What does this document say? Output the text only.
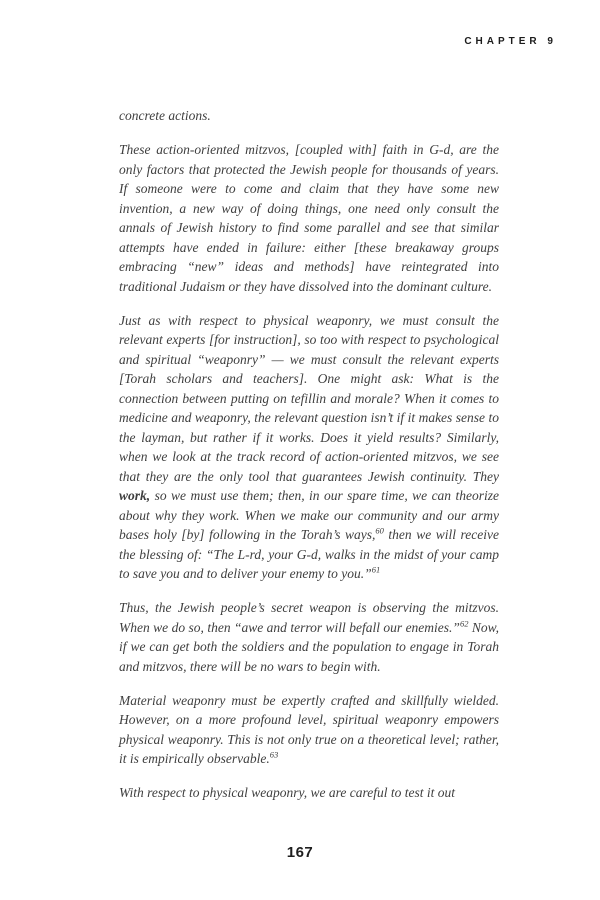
CHAPTER 9

concrete actions.

These action-oriented mitzvos, [coupled with] faith in G-d, are the only factors that protected the Jewish people for thousands of years. If someone were to come and claim that they have some new invention, a new way of doing things, one need only consult the annals of Jewish history to find some parallel and see that similar attempts have ended in failure: either [these breakaway groups embracing “new” ideas and methods] have reintegrated into traditional Judaism or they have dissolved into the dominant culture.

Just as with respect to physical weaponry, we must consult the relevant experts [for instruction], so too with respect to psychological and spiritual “weaponry” — we must consult the relevant experts [Torah scholars and teachers]. One might ask: What is the connection between putting on tefillin and morale? When it comes to medicine and weaponry, the relevant question isn’t if it makes sense to the layman, but rather if it works. Does it yield results? Similarly, when we look at the track record of action-oriented mitzvos, we see that they are the only tool that guarantees Jewish continuity. They work, so we must use them; then, in our spare time, we can theorize about why they work. When we make our community and our army bases holy [by] following in the Torah’s ways,$^{60}$ then we will receive the blessing of: “The L-rd, your G-d, walks in the midst of your camp to save you and to deliver your enemy to you.”$^{61}$

Thus, the Jewish people’s secret weapon is observing the mitzvos. When we do so, then “awe and terror will befall our enemies.”$^{62}$ Now, if we can get both the soldiers and the population to engage in Torah and mitzvos, there will be no wars to begin with.

Material weaponry must be expertly crafted and skillfully wielded. However, on a more profound level, spiritual weaponry empowers physical weaponry. This is not only true on a theoretical level; rather, it is empirically observable.$^{63}$

With respect to physical weaponry, we are careful to test it out

167
